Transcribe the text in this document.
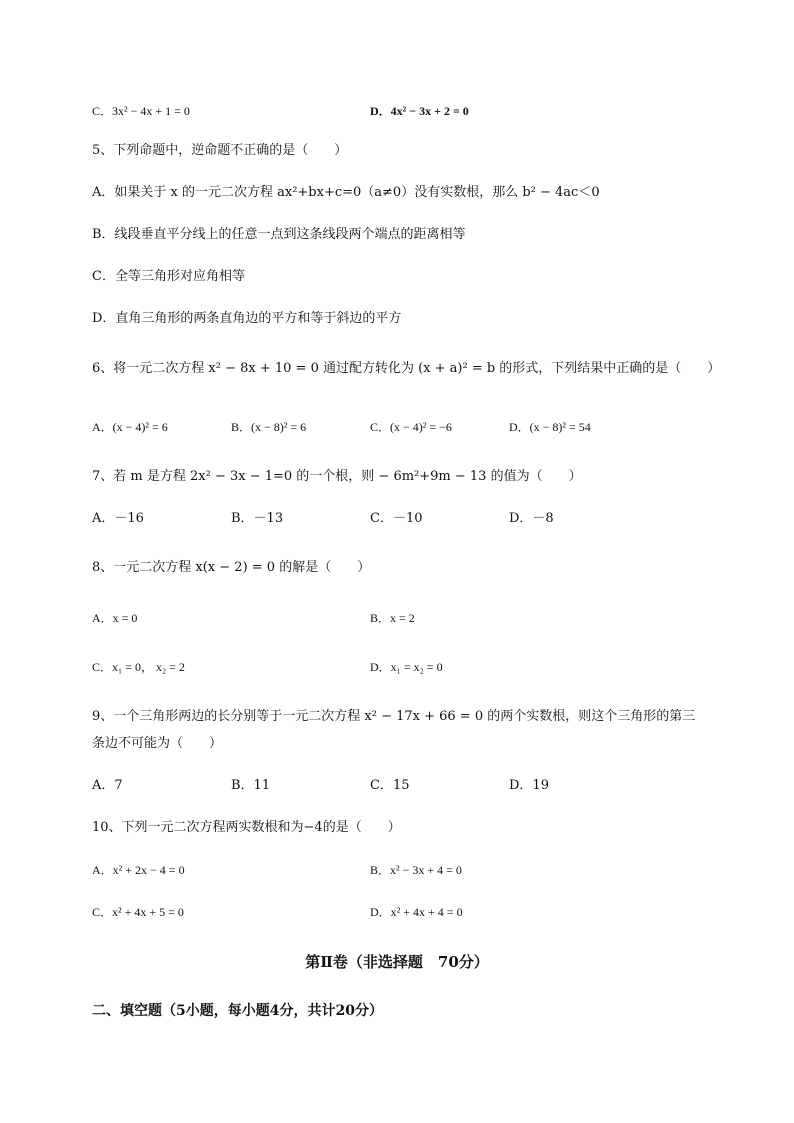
C．3x² − 4x + 1 = 0	D．4x² − 3x + 2 = 0
5、下列命题中，逆命题不正确的是（　　）
A．如果关于 x 的一元二次方程 ax²+bx+c=0（a≠0）没有实数根，那么 b² − 4ac＜0
B．线段垂直平分线上的任意一点到这条线段两个端点的距离相等
C．全等三角形对应角相等
D．直角三角形的两条直角边的平方和等于斜边的平方
6、将一元二次方程 x² − 8x + 10 = 0 通过配方转化为 (x + a)² = b 的形式，下列结果中正确的是（　　）
A．(x − 4)² = 6	B．(x − 8)² = 6	C．(x − 4)² = −6	D．(x − 8)² = 54
7、若 m 是方程 2x² − 3x − 1=0 的一个根，则 − 6m²+9m − 13 的值为（　　）
A．－16	B．－13	C．－10	D．－8
8、一元二次方程 x(x − 2) = 0 的解是（　　）
A．x = 0	B．x = 2
C．x₁ = 0， x₂ = 2	D．x₁ = x₂ = 0
9、一个三角形两边的长分别等于一元二次方程 x² − 17x + 66 = 0 的两个实数根，则这个三角形的第三
条边不可能为（　　）
A．7	B．11	C．15	D．19
10、下列一元二次方程两实数根和为−4的是（　　）
A．x² + 2x − 4 = 0	B．x² − 3x + 4 = 0
C．x² + 4x + 5 = 0	D．x² + 4x + 4 = 0
第Ⅱ卷（非选择题　70分）
二、填空题（5小题，每小题4分，共计20分）
